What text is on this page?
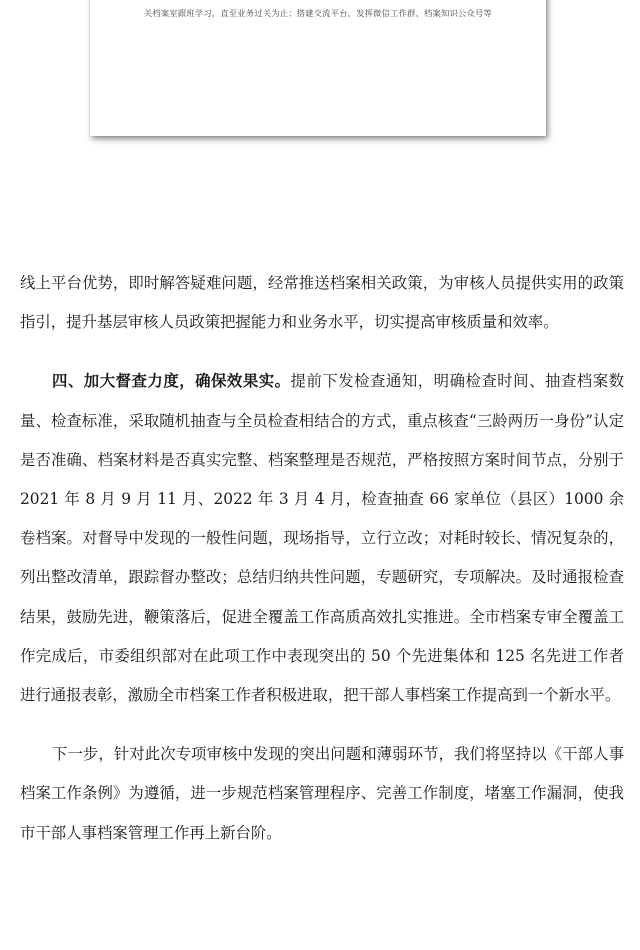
关档案室跟班学习，直至业务过关为止；搭建交流平台，发挥微信工作群、档案知识公众号等

线上平台优势，即时解答疑难问题，经常推送档案相关政策，为审核人员提供实用的政策指引，提升基层审核人员政策把握能力和业务水平，切实提高审核质量和效率。

四、加大督查力度，确保效果实。提前下发检查通知，明确检查时间、抽查档案数量、检查标准，采取随机抽查与全员检查相结合的方式，重点核查“三龄两历一身份”认定是否准确、档案材料是否真实完整、档案整理是否规范，严格按照方案时间节点，分别于 2021 年 8 月 9 月 11 月、2022 年 3 月 4 月，检查抽查 66 家单位（县区）1000 余卷档案。对督导中发现的一般性问题，现场指导，立行立改；对耗时较长、情况复杂的，列出整改清单，跟踪督办整改；总结归纳共性问题，专题研究，专项解决。及时通报检查结果，鼓励先进，鞭策落后，促进全覆盖工作高质高效扎实推进。全市档案专审全覆盖工作完成后，市委组织部对在此项工作中表现突出的 50 个先进集体和 125 名先进工作者进行通报表彰，激励全市档案工作者积极进取，把干部人事档案工作提高到一个新水平。

下一步，针对此次专项审核中发现的突出问题和薄弱环节，我们将坚持以《干部人事档案工作条例》为遵循，进一步规范档案管理程序、完善工作制度，堵塞工作漏洞，使我市干部人事档案管理工作再上新台阶。
